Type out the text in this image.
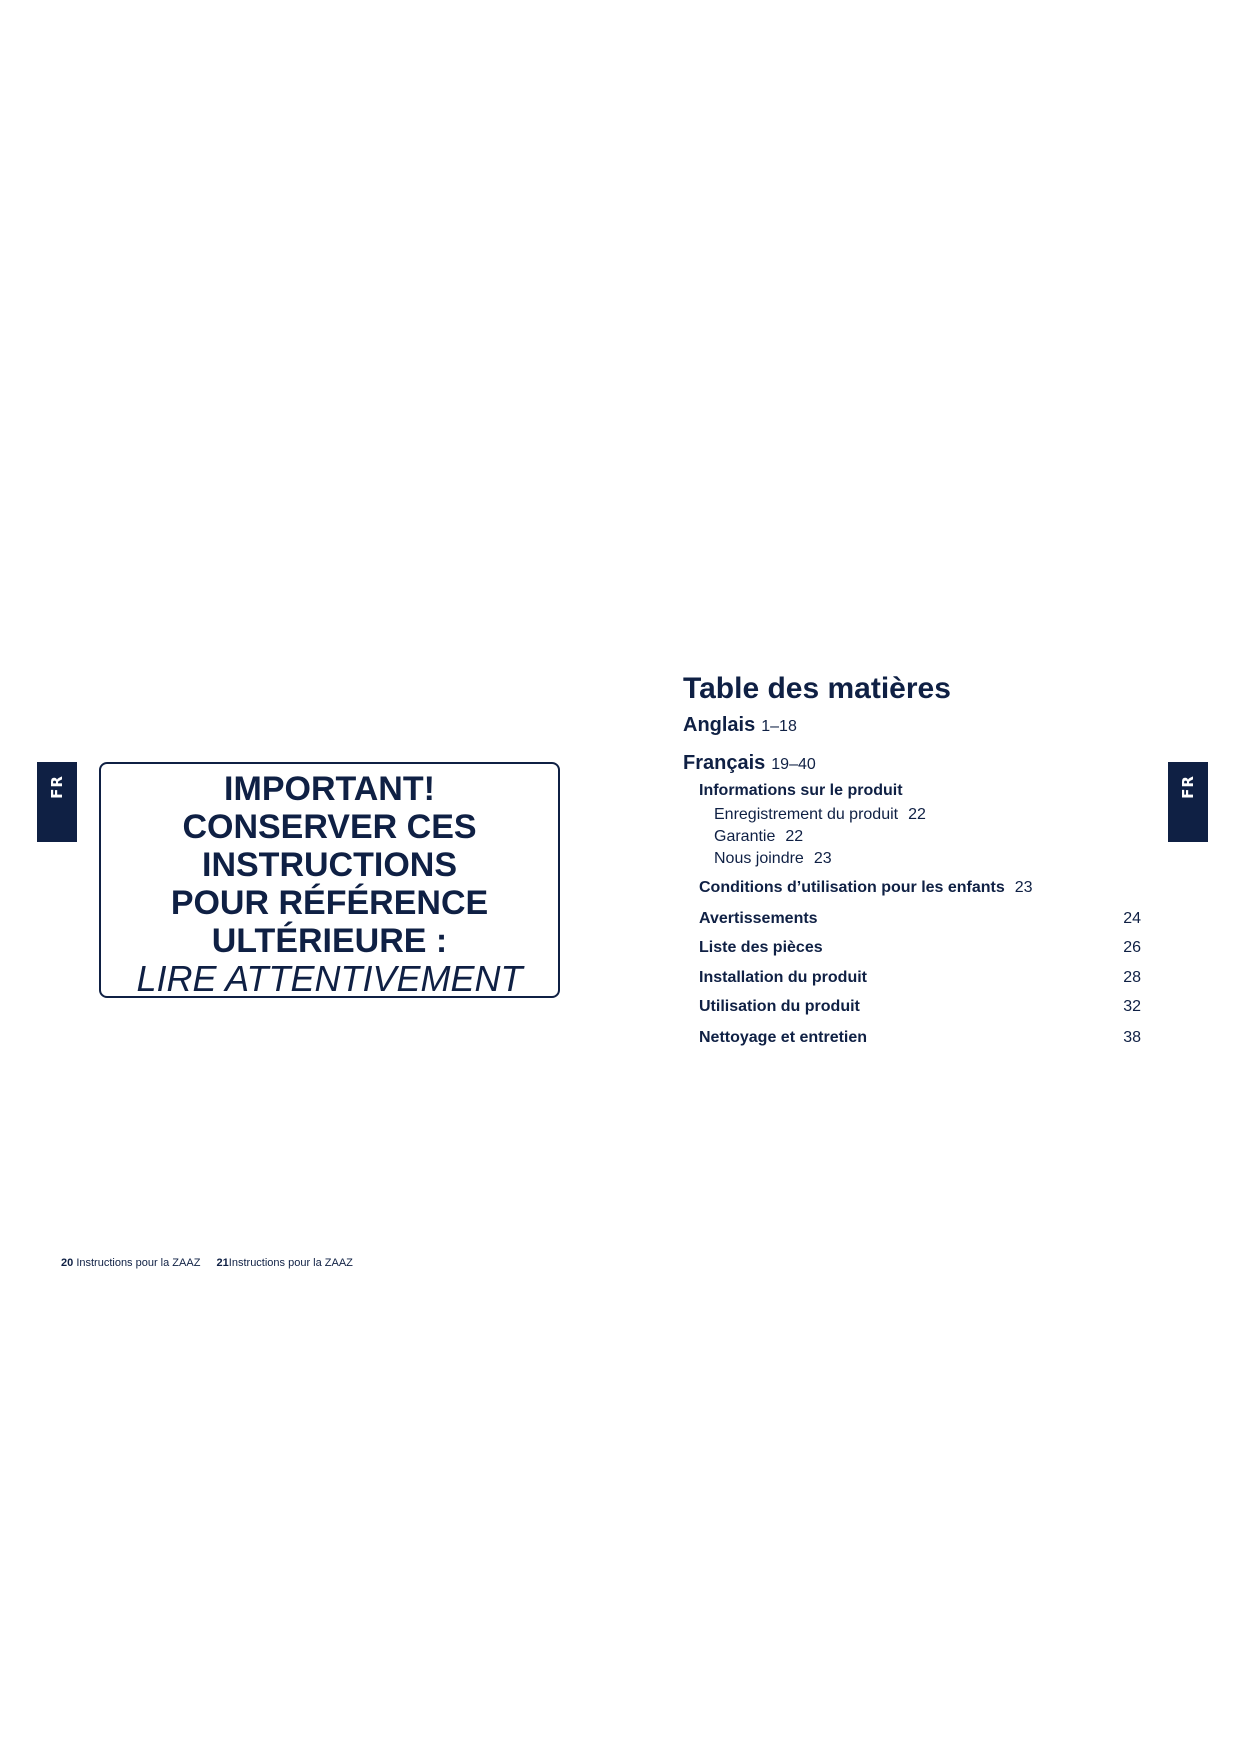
FR	FR
IMPORTANT!
CONSERVER CES
INSTRUCTIONS
POUR RÉFÉRENCE
ULTÉRIEURE :
LIRE ATTENTIVEMENT
20 Instructions pour la ZAAZ 21Instructions pour la ZAAZ
Table des matières
Anglais 1–18
Français 19–40
Informations sur le produit
Enregistrement du produit 22
Garantie 22
Nous joindre 23
Conditions d’utilisation pour les enfants 23
Avertissements	24
Liste des pièces	26
Installation du produit	28
Utilisation du produit	32
Nettoyage et entretien	38
